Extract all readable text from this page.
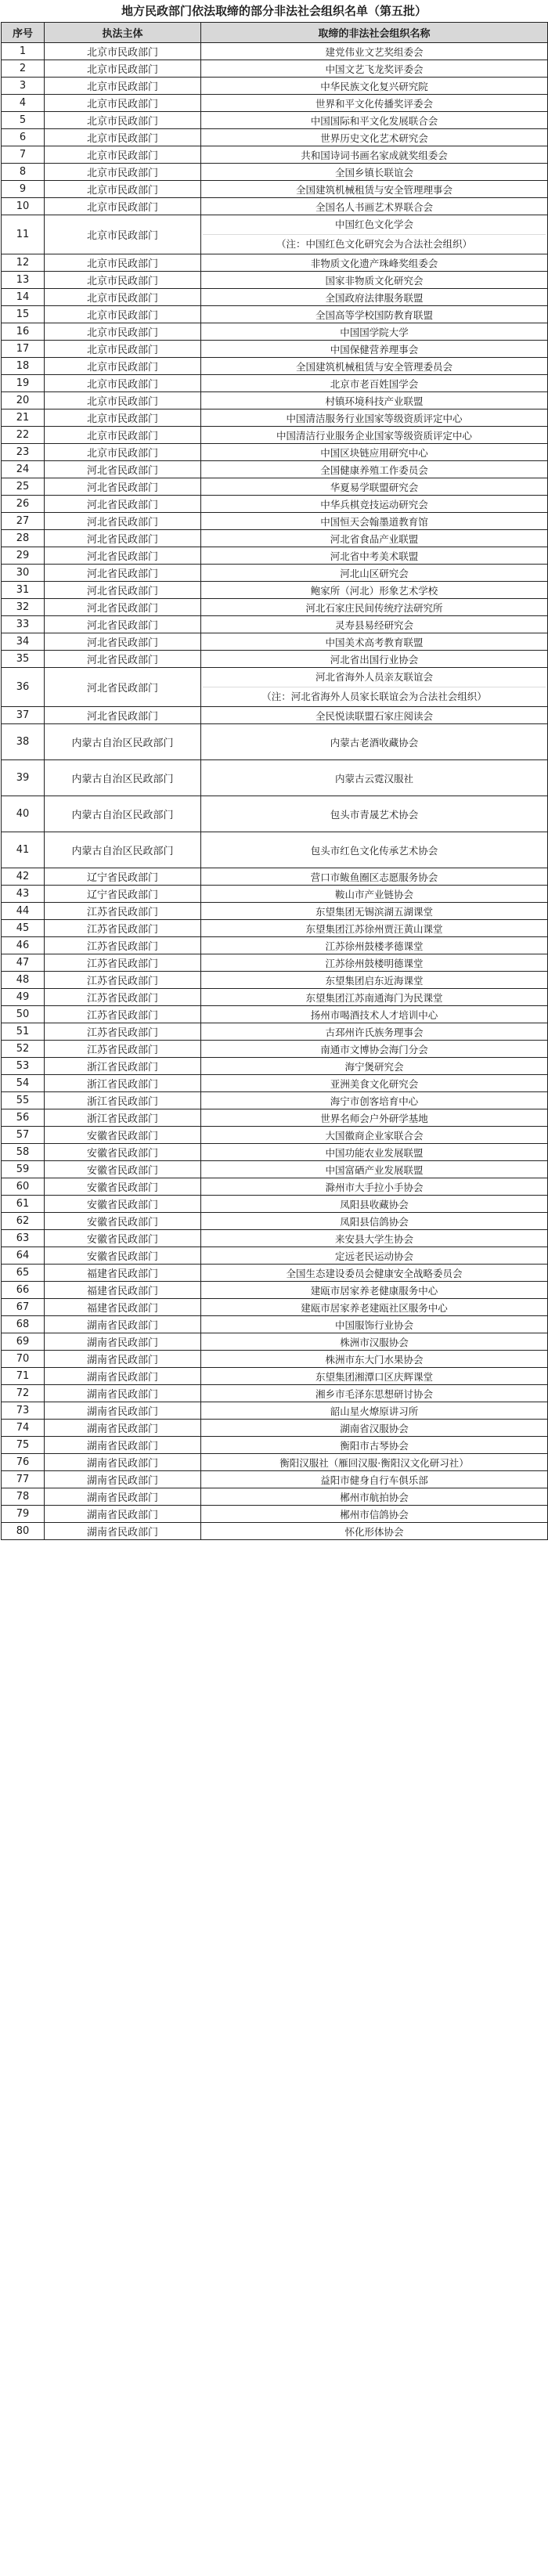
地方民政部门依法取缔的部分非法社会组织名单（第五批）
序号	执法主体	取缔的非法社会组织名称
1	北京市民政部门	建党伟业文艺奖组委会
2	北京市民政部门	中国文艺飞龙奖评委会
3	北京市民政部门	中华民族文化复兴研究院
4	北京市民政部门	世界和平文化传播奖评委会
5	北京市民政部门	中国国际和平文化发展联合会
6	北京市民政部门	世界历史文化艺术研究会
7	北京市民政部门	共和国诗词书画名家成就奖组委会
8	北京市民政部门	全国乡镇长联谊会
9	北京市民政部门	全国建筑机械租赁与安全管理理事会
10	北京市民政部门	全国名人书画艺术界联合会
11	北京市民政部门	中国红色文化学会
（注：中国红色文化研究会为合法社会组织）

12	北京市民政部门	非物质文化遗产珠峰奖组委会
13	北京市民政部门	国家非物质文化研究会
14	北京市民政部门	全国政府法律服务联盟
15	北京市民政部门	全国高等学校国防教育联盟
16	北京市民政部门	中国国学院大学
17	北京市民政部门	中国保健营养理事会
18	北京市民政部门	全国建筑机械租赁与安全管理委员会
19	北京市民政部门	北京市老百姓国学会
20	北京市民政部门	村镇环境科技产业联盟
21	北京市民政部门	中国清洁服务行业国家等级资质评定中心
22	北京市民政部门	中国清洁行业服务企业国家等级资质评定中心
23	北京市民政部门	中国区块链应用研究中心
24	河北省民政部门	全国健康养殖工作委员会
25	河北省民政部门	华夏易学联盟研究会
26	河北省民政部门	中华兵棋竞技运动研究会
27	河北省民政部门	中国恒天会翰墨道教育馆
28	河北省民政部门	河北省食品产业联盟
29	河北省民政部门	河北省中考美术联盟
30	河北省民政部门	河北山区研究会
31	河北省民政部门	鲍家所（河北）形象艺术学校
32	河北省民政部门	河北石家庄民间传统疗法研究所
33	河北省民政部门	灵寿县易经研究会
34	河北省民政部门	中国美术高考教育联盟
35	河北省民政部门	河北省出国行业协会
36	河北省民政部门	河北省海外人员亲友联谊会
（注：河北省海外人员家长联谊会为合法社会组织）

37	河北省民政部门	全民悦读联盟石家庄阅读会
38	内蒙古自治区民政部门	内蒙古老酒收藏协会
39	内蒙古自治区民政部门	内蒙古云霓汉服社
40	内蒙古自治区民政部门	包头市青晟艺术协会
41	内蒙古自治区民政部门	包头市红色文化传承艺术协会
42	辽宁省民政部门	营口市鲅鱼圈区志愿服务协会
43	辽宁省民政部门	鞍山市产业链协会
44	江苏省民政部门	东望集团无锡滨湖五湖课堂
45	江苏省民政部门	东望集团江苏徐州贾汪黄山课堂
46	江苏省民政部门	江苏徐州鼓楼孝德课堂
47	江苏省民政部门	江苏徐州鼓楼明德课堂
48	江苏省民政部门	东望集团启东近海课堂
49	江苏省民政部门	东望集团江苏南通海门为民课堂
50	江苏省民政部门	扬州市喝酒技术人才培训中心
51	江苏省民政部门	古邳州许氏族务理事会
52	江苏省民政部门	南通市文博协会海门分会
53	浙江省民政部门	海宁煲研究会
54	浙江省民政部门	亚洲美食文化研究会
55	浙江省民政部门	海宁市创客培育中心
56	浙江省民政部门	世界名师会户外研学基地
57	安徽省民政部门	大国徽商企业家联合会
58	安徽省民政部门	中国功能农业发展联盟
59	安徽省民政部门	中国富硒产业发展联盟
60	安徽省民政部门	滁州市大手拉小手协会
61	安徽省民政部门	凤阳县收藏协会
62	安徽省民政部门	凤阳县信鸽协会
63	安徽省民政部门	来安县大学生协会
64	安徽省民政部门	定远老民运动协会
65	福建省民政部门	全国生态建设委员会健康安全战略委员会
66	福建省民政部门	建瓯市居家养老健康服务中心
67	福建省民政部门	建瓯市居家养老建瓯社区服务中心
68	湖南省民政部门	中国服饰行业协会
69	湖南省民政部门	株洲市汉服协会
70	湖南省民政部门	株洲市东大门水果协会
71	湖南省民政部门	东望集团湘潭口区庆辉课堂
72	湖南省民政部门	湘乡市毛泽东思想研讨协会
73	湖南省民政部门	韶山星火燎原讲习所
74	湖南省民政部门	湖南省汉服协会
75	湖南省民政部门	衡阳市古琴协会
76	湖南省民政部门	衡阳汉服社（雁回汉服·衡阳汉文化研习社）
77	湖南省民政部门	益阳市健身自行车俱乐部
78	湖南省民政部门	郴州市航拍协会
79	湖南省民政部门	郴州市信鸽协会
80	湖南省民政部门	怀化形体协会
